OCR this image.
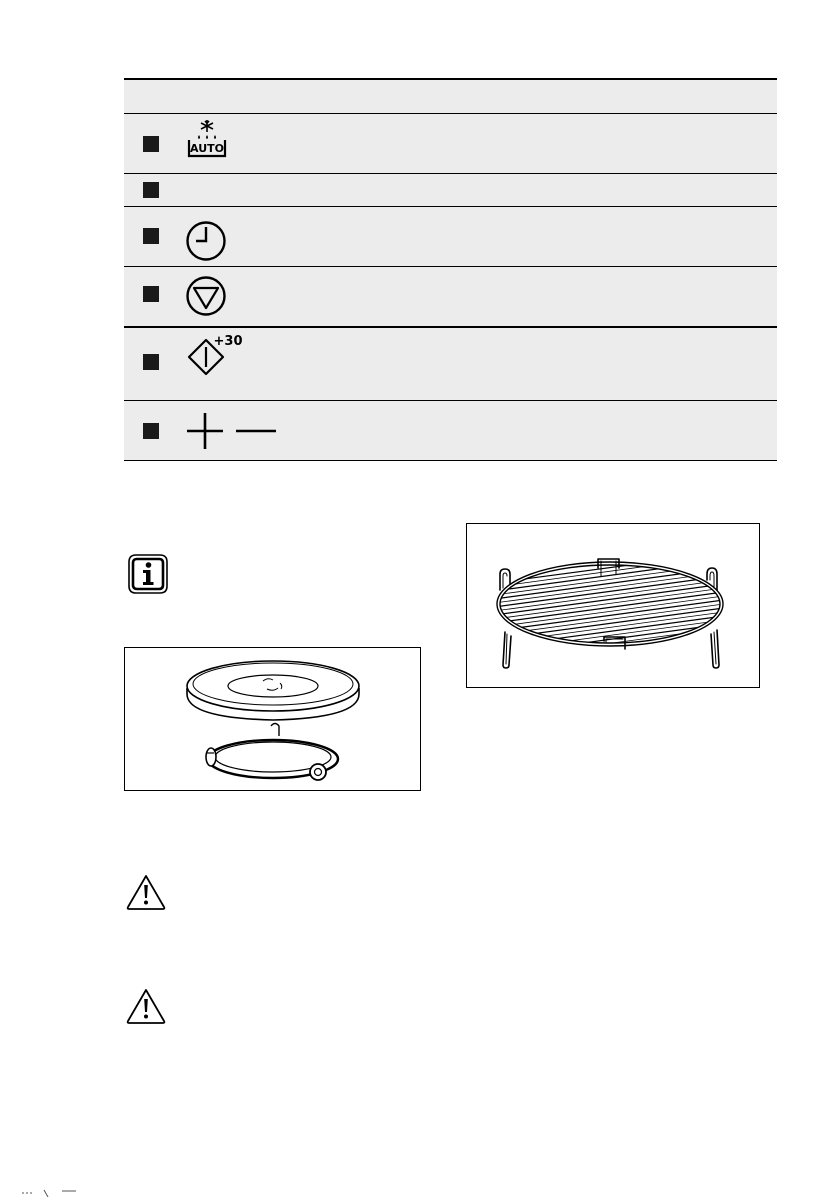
AUTO
+30
